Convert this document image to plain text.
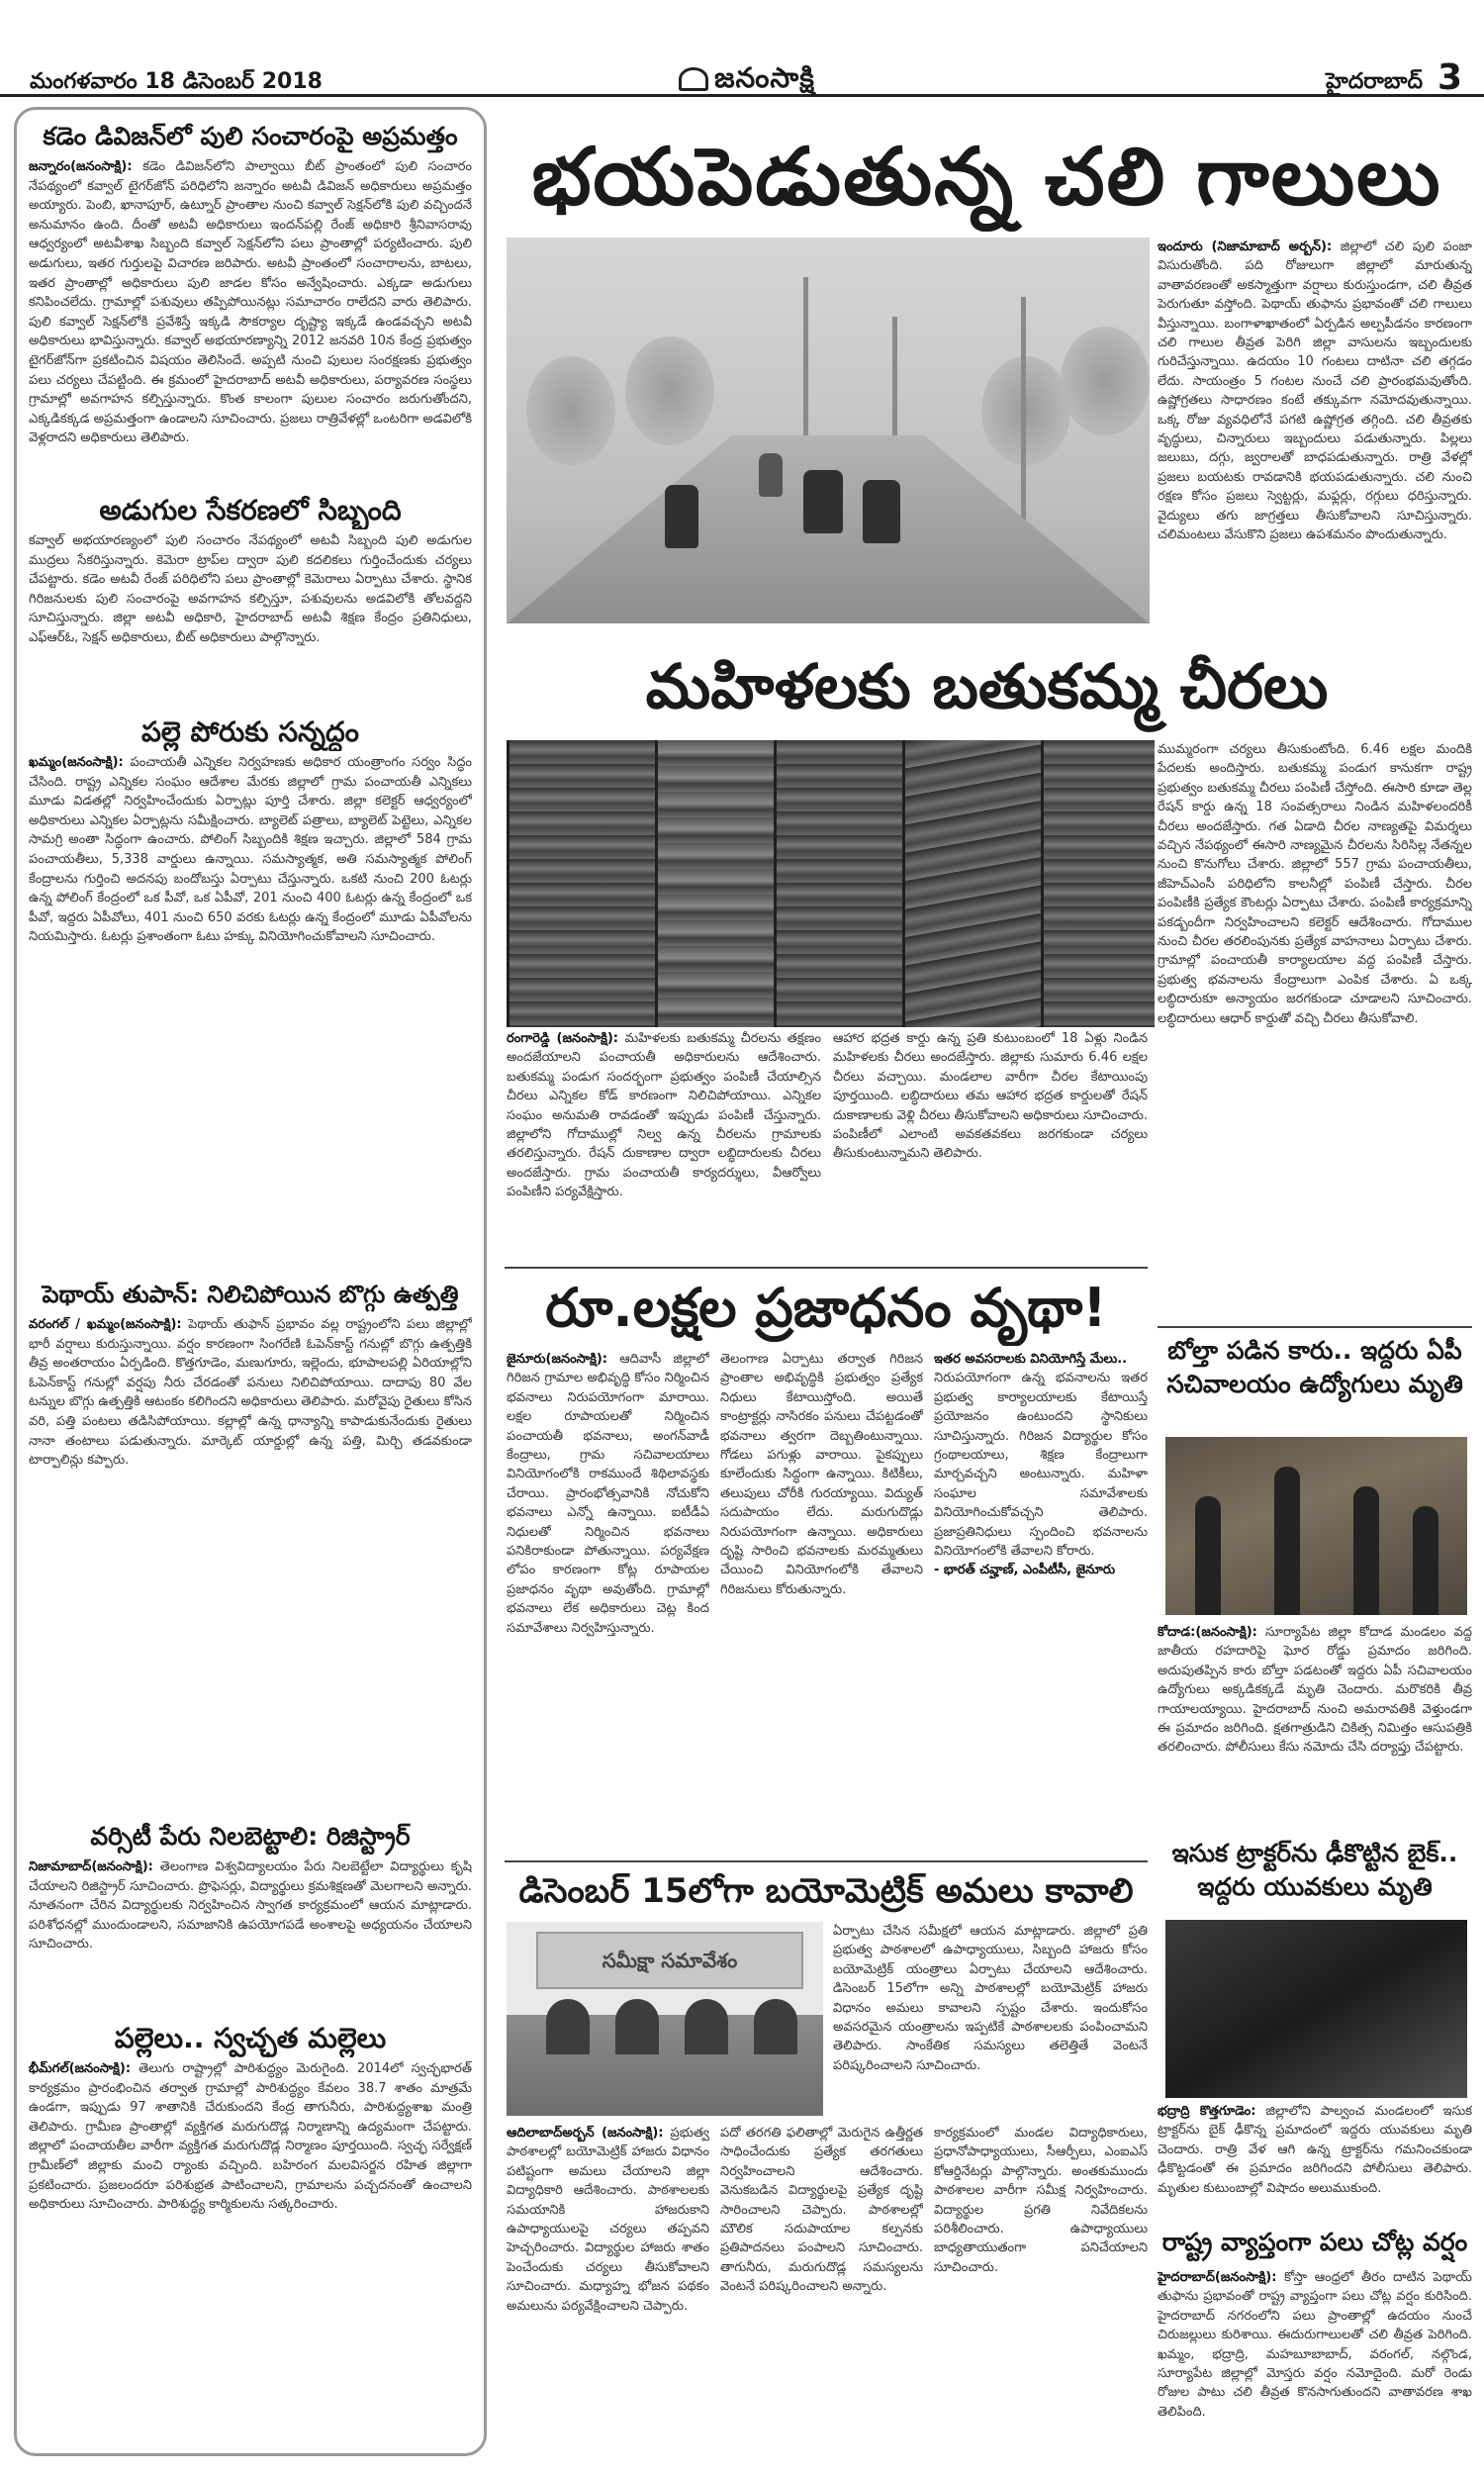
మంగళవారం 18 డిసెంబర్ 2018	జనంసాక్షి	హైదరాబాద్ 3
కడెం డివిజన్‌లో పులి సంచారంపై అప్రమత్తం
జన్నారం(జనంసాక్షి): కడెం డివిజన్‌లోని పాల్వాయి బీట్ ప్రాంతంలో పులి సంచారం నేపథ్యంలో కవ్వాల్ టైగర్‌జోన్ పరిధిలోని జన్నారం అటవీ డివిజన్ అధికారులు అప్రమత్తం అయ్యారు. పెంబి, ఖానాపూర్, ఉట్నూర్ ప్రాంతాల నుంచి కవ్వాల్ సెక్షన్‌లోకి పులి వచ్చిందనే అనుమానం ఉంది. దీంతో అటవీ అధికారులు ఇందన్‌పల్లి రేంజ్ అధికారి శ్రీనివాసరావు ఆధ్వర్యంలో అటవీశాఖ సిబ్బంది కవ్వాల్ సెక్షన్‌లోని పలు ప్రాంతాల్లో పర్యటించారు. పులి అడుగులు, ఇతర గుర్తులపై విచారణ జరిపారు. అటవీ ప్రాంతంలో సంచారాలను, బాటలు, ఇతర ప్రాంతాల్లో అధికారులు పులి జాడల కోసం అన్వేషించారు. ఎక్కడా అడుగులు కనిపించలేదు. గ్రామాల్లో పశువులు తప్పిపోయినట్లు సమాచారం రాలేదని వారు తెలిపారు. పులి కవ్వాల్ సెక్షన్‌లోకి ప్రవేశిస్తే ఇక్కడి సౌకర్యాల దృష్ట్యా ఇక్కడే ఉండవచ్చని అటవీ అధికారులు భావిస్తున్నారు. కవ్వాల్ అభయారణ్యాన్ని 2012 జనవరి 10న కేంద్ర ప్రభుత్వం టైగర్‌జోన్‌గా ప్రకటించిన విషయం తెలిసిందే. అప్పటి నుంచి పులుల సంరక్షణకు ప్రభుత్వం పలు చర్యలు చేపట్టింది. ఈ క్రమంలో హైదరాబాద్ అటవీ అధికారులు, పర్యావరణ సంస్థలు గ్రామాల్లో అవగాహన కల్పిస్తున్నారు. కొంత కాలంగా పులుల సంచారం జరుగుతోందని, ఎక్కడికక్కడ అప్రమత్తంగా ఉండాలని సూచించారు. ప్రజలు రాత్రివేళల్లో ఒంటరిగా అడవిలోకి వెళ్లరాదని అధికారులు తెలిపారు.
అడుగుల సేకరణలో సిబ్బంది
కవ్వాల్ అభయారణ్యంలో పులి సంచారం నేపథ్యంలో అటవీ సిబ్బంది పులి అడుగుల ముద్రలు సేకరిస్తున్నారు. కెమెరా ట్రాప్‌ల ద్వారా పులి కదలికలు గుర్తించేందుకు చర్యలు చేపట్టారు. కడెం అటవీ రేంజ్ పరిధిలోని పలు ప్రాంతాల్లో కెమెరాలు ఏర్పాటు చేశారు. స్థానిక గిరిజనులకు పులి సంచారంపై అవగాహన కల్పిస్తూ, పశువులను అడవిలోకి తోలవద్దని సూచిస్తున్నారు. జిల్లా అటవీ అధికారి, హైదరాబాద్ అటవీ శిక్షణ కేంద్రం ప్రతినిధులు, ఎఫ్‌ఆర్‌ఓ, సెక్షన్ అధికారులు, బీట్ అధికారులు పాల్గొన్నారు.
పల్లె పోరుకు సన్నద్ధం
ఖమ్మం(జనంసాక్షి): పంచాయతీ ఎన్నికల నిర్వహణకు అధికార యంత్రాంగం సర్వం సిద్ధం చేసింది. రాష్ట్ర ఎన్నికల సంఘం ఆదేశాల మేరకు జిల్లాలో గ్రామ పంచాయతీ ఎన్నికలు మూడు విడతల్లో నిర్వహించేందుకు ఏర్పాట్లు పూర్తి చేశారు. జిల్లా కలెక్టర్ ఆధ్వర్యంలో అధికారులు ఎన్నికల ఏర్పాట్లను సమీక్షించారు. బ్యాలెట్ పత్రాలు, బ్యాలెట్ పెట్టెలు, ఎన్నికల సామగ్రి అంతా సిద్ధంగా ఉంచారు. పోలింగ్ సిబ్బందికి శిక్షణ ఇచ్చారు. జిల్లాలో 584 గ్రామ పంచాయతీలు, 5,338 వార్డులు ఉన్నాయి. సమస్యాత్మక, అతి సమస్యాత్మక పోలింగ్ కేంద్రాలను గుర్తించి అదనపు బందోబస్తు ఏర్పాటు చేస్తున్నారు. ఒకటి నుంచి 200 ఓటర్లు ఉన్న పోలింగ్ కేంద్రంలో ఒక పీవో, ఒక ఏపీవో, 201 నుంచి 400 ఓటర్లు ఉన్న కేంద్రంలో ఒక పీవో, ఇద్దరు ఏపీవోలు, 401 నుంచి 650 వరకు ఓటర్లు ఉన్న కేంద్రంలో మూడు ఏపీవోలను నియమిస్తారు. ఓటర్లు ప్రశాంతంగా ఓటు హక్కు వినియోగించుకోవాలని సూచించారు.
పెథాయ్ తుపాన్: నిలిచిపోయిన బొగ్గు ఉత్పత్తి
వరంగల్ / ఖమ్మం(జనంసాక్షి): పెథాయ్ తుఫాన్ ప్రభావం వల్ల రాష్ట్రంలోని పలు జిల్లాల్లో భారీ వర్షాలు కురుస్తున్నాయి. వర్షం కారణంగా సింగరేణి ఓపెన్‌కాస్ట్ గనుల్లో బొగ్గు ఉత్పత్తికి తీవ్ర అంతరాయం ఏర్పడింది. కొత్తగూడెం, మణుగూరు, ఇల్లెందు, భూపాలపల్లి ఏరియాల్లోని ఓపెన్‌కాస్ట్ గనుల్లో వర్షపు నీరు చేరడంతో పనులు నిలిచిపోయాయి. దాదాపు 80 వేల టన్నుల బొగ్గు ఉత్పత్తికి ఆటంకం కలిగిందని అధికారులు తెలిపారు. మరోవైపు రైతులు కోసిన వరి, పత్తి పంటలు తడిసిపోయాయి. కల్లాల్లో ఉన్న ధాన్యాన్ని కాపాడుకునేందుకు రైతులు నానా తంటాలు పడుతున్నారు. మార్కెట్ యార్డుల్లో ఉన్న పత్తి, మిర్చి తడవకుండా టార్పాలిన్లు కప్పారు.
వర్సిటీ పేరు నిలబెట్టాలి: రిజిస్ట్రార్
నిజామాబాద్(జనంసాక్షి): తెలంగాణ విశ్వవిద్యాలయం పేరు నిలబెట్టేలా విద్యార్థులు కృషి చేయాలని రిజిస్ట్రార్ సూచించారు. ప్రొఫెసర్లు, విద్యార్థులు క్రమశిక్షణతో మెలగాలని అన్నారు. నూతనంగా చేరిన విద్యార్థులకు నిర్వహించిన స్వాగత కార్యక్రమంలో ఆయన మాట్లాడారు. పరిశోధనల్లో ముందుండాలని, సమాజానికి ఉపయోగపడే అంశాలపై అధ్యయనం చేయాలని సూచించారు.
పల్లెలు.. స్వచ్ఛత మల్లెలు
భీమ్‌గల్(జనంసాక్షి): తెలుగు రాష్ట్రాల్లో పారిశుద్ధ్యం మెరుగైంది. 2014లో స్వచ్ఛభారత్ కార్యక్రమం ప్రారంభించిన తర్వాత గ్రామాల్లో పారిశుద్ధ్యం కేవలం 38.7 శాతం మాత్రమే ఉండగా, ఇప్పుడు 97 శాతానికి చేరుకుందని కేంద్ర తాగునీరు, పారిశుద్ధ్యశాఖ మంత్రి తెలిపారు. గ్రామీణ ప్రాంతాల్లో వ్యక్తిగత మరుగుదొడ్ల నిర్మాణాన్ని ఉద్యమంగా చేపట్టారు. జిల్లాలో పంచాయతీల వారీగా వ్యక్తిగత మరుగుదొడ్ల నిర్మాణం పూర్తయింది. స్వచ్ఛ సర్వేక్షణ్ గ్రామీణ్‌లో జిల్లాకు మంచి ర్యాంకు వచ్చింది. బహిరంగ మలవిసర్జన రహిత జిల్లాగా ప్రకటించారు. ప్రజలందరూ పరిశుభ్రత పాటించాలని, గ్రామాలను పచ్చదనంతో ఉంచాలని అధికారులు సూచించారు. పారిశుద్ధ్య కార్మికులను సత్కరించారు.
భయపెడుతున్న చలి గాలులు
ఇందూరు (నిజామాబాద్ అర్బన్): జిల్లాలో చలి పులి పంజా విసురుతోంది. పది రోజులుగా జిల్లాలో మారుతున్న వాతావరణంతో అకస్మాత్తుగా వర్షాలు కురుస్తుండగా, చలి తీవ్రత పెరుగుతూ వస్తోంది. పెథాయ్ తుఫాను ప్రభావంతో చలి గాలులు వీస్తున్నాయి. బంగాళాఖాతంలో ఏర్పడిన అల్పపీడనం కారణంగా చలి గాలుల తీవ్రత పెరిగి జిల్లా వాసులను ఇబ్బందులకు గురిచేస్తున్నాయి. ఉదయం 10 గంటలు దాటినా చలి తగ్గడం లేదు. సాయంత్రం 5 గంటల నుంచే చలి ప్రారంభమవుతోంది. ఉష్ణోగ్రతలు సాధారణం కంటే తక్కువగా నమోదవుతున్నాయి. ఒక్క రోజు వ్యవధిలోనే పగటి ఉష్ణోగ్రత తగ్గింది. చలి తీవ్రతకు వృద్ధులు, చిన్నారులు ఇబ్బందులు పడుతున్నారు. పిల్లలు జలుబు, దగ్గు, జ్వరాలతో బాధపడుతున్నారు. రాత్రి వేళల్లో ప్రజలు బయటకు రావడానికి భయపడుతున్నారు. చలి నుంచి రక్షణ కోసం ప్రజలు స్వెట్టర్లు, మఫ్లర్లు, రగ్గులు ధరిస్తున్నారు. వైద్యులు తగు జాగ్రత్తలు తీసుకోవాలని సూచిస్తున్నారు. చలిమంటలు వేసుకొని ప్రజలు ఉపశమనం పొందుతున్నారు.
మహిళలకు బతుకమ్మ చీరలు
రంగారెడ్డి (జనంసాక్షి): మహిళలకు బతుకమ్మ చీరలను తక్షణం అందజేయాలని పంచాయతీ అధికారులను ఆదేశించారు. బతుకమ్మ పండుగ సందర్భంగా ప్రభుత్వం పంపిణీ చేయాల్సిన చీరలు ఎన్నికల కోడ్ కారణంగా నిలిచిపోయాయి. ఎన్నికల సంఘం అనుమతి రావడంతో ఇప్పుడు పంపిణీ చేస్తున్నారు. జిల్లాలోని గోదాముల్లో నిల్వ ఉన్న చీరలను గ్రామాలకు తరలిస్తున్నారు. రేషన్ దుకాణాల ద్వారా లబ్ధిదారులకు చీరలు అందజేస్తారు. గ్రామ పంచాయతీ కార్యదర్శులు, వీఆర్వోలు పంపిణీని పర్యవేక్షిస్తారు.
ఆహార భద్రత కార్డు ఉన్న ప్రతి కుటుంబంలో 18 ఏళ్లు నిండిన మహిళలకు చీరలు అందజేస్తారు. జిల్లాకు సుమారు 6.46 లక్షల చీరలు వచ్చాయి. మండలాల వారీగా చీరల కేటాయింపు పూర్తయింది. లబ్ధిదారులు తమ ఆహార భద్రత కార్డులతో రేషన్ దుకాణాలకు వెళ్లి చీరలు తీసుకోవాలని అధికారులు సూచించారు. పంపిణీలో ఎలాంటి అవకతవకలు జరగకుండా చర్యలు తీసుకుంటున్నామని తెలిపారు.
ముమ్మరంగా చర్యలు తీసుకుంటోంది. 6.46 లక్షల మందికి పేదలకు అందిస్తారు. బతుకమ్మ పండుగ కానుకగా రాష్ట్ర ప్రభుత్వం బతుకమ్మ చీరలు పంపిణీ చేస్తోంది. ఈసారి కూడా తెల్ల రేషన్ కార్డు ఉన్న 18 సంవత్సరాలు నిండిన మహిళలందరికీ చీరలు అందజేస్తారు. గత ఏడాది చీరల నాణ్యతపై విమర్శలు వచ్చిన నేపథ్యంలో ఈసారి నాణ్యమైన చీరలను సిరిసిల్ల నేతన్నల నుంచి కొనుగోలు చేశారు. జిల్లాలో 557 గ్రామ పంచాయతీలు, జీహెచ్ఎంసీ పరిధిలోని కాలనీల్లో పంపిణీ చేస్తారు. చీరల పంపిణీకి ప్రత్యేక కౌంటర్లు ఏర్పాటు చేశారు. పంపిణీ కార్యక్రమాన్ని పకడ్బందీగా నిర్వహించాలని కలెక్టర్ ఆదేశించారు. గోదాముల నుంచి చీరల తరలింపునకు ప్రత్యేక వాహనాలు ఏర్పాటు చేశారు. గ్రామాల్లో పంచాయతీ కార్యాలయాల వద్ద పంపిణీ చేస్తారు. ప్రభుత్వ భవనాలను కేంద్రాలుగా ఎంపిక చేశారు. ఏ ఒక్క లబ్ధిదారుకూ అన్యాయం జరగకుండా చూడాలని సూచించారు. లబ్ధిదారులు ఆధార్ కార్డుతో వచ్చి చీరలు తీసుకోవాలి.
బోల్తా పడిన కారు.. ఇద్దరు ఏపీ సచివాలయం ఉద్యోగులు మృతి
కోదాడ:(జనంసాక్షి): సూర్యాపేట జిల్లా కోదాడ మండలం వద్ద జాతీయ రహదారిపై ఘోర రోడ్డు ప్రమాదం జరిగింది. అదుపుతప్పిన కారు బోల్తా పడటంతో ఇద్దరు ఏపీ సచివాలయం ఉద్యోగులు అక్కడికక్కడే మృతి చెందారు. మరొకరికి తీవ్ర గాయాలయ్యాయి. హైదరాబాద్ నుంచి అమరావతికి వెళ్తుండగా ఈ ప్రమాదం జరిగింది. క్షతగాత్రుడిని చికిత్స నిమిత్తం ఆసుపత్రికి తరలించారు. పోలీసులు కేసు నమోదు చేసి దర్యాప్తు చేపట్టారు.
ఇసుక ట్రాక్టర్‌ను ఢీకొట్టిన బైక్.. ఇద్దరు యువకులు మృతి
భద్రాద్రి కొత్తగూడెం: జిల్లాలోని పాల్వంచ మండలంలో ఇసుక ట్రాక్టర్‌ను బైక్ ఢీకొన్న ప్రమాదంలో ఇద్దరు యువకులు మృతి చెందారు. రాత్రి వేళ ఆగి ఉన్న ట్రాక్టర్‌ను గమనించకుండా ఢీకొట్టడంతో ఈ ప్రమాదం జరిగిందని పోలీసులు తెలిపారు. మృతుల కుటుంబాల్లో విషాదం అలుముకుంది.
రాష్ట్ర వ్యాప్తంగా పలు చోట్ల వర్షం
హైదరాబాద్(జనంసాక్షి): కోస్తా ఆంధ్రలో తీరం దాటిన పెథాయ్ తుఫాను ప్రభావంతో రాష్ట్ర వ్యాప్తంగా పలు చోట్ల వర్షం కురిసింది. హైదరాబాద్ నగరంలోని పలు ప్రాంతాల్లో ఉదయం నుంచే చిరుజల్లులు కురిశాయి. ఈదురుగాలులతో చలి తీవ్రత పెరిగింది. ఖమ్మం, భద్రాద్రి, మహబూబాబాద్, వరంగల్, నల్గొండ, సూర్యాపేట జిల్లాల్లో మోస్తరు వర్షం నమోదైంది. మరో రెండు రోజుల పాటు చలి తీవ్రత కొనసాగుతుందని వాతావరణ శాఖ తెలిపింది.
రూ.లక్షల ప్రజాధనం వృథా!
జైనూరు(జనంసాక్షి): ఆదివాసీ జిల్లాలో గిరిజన గ్రామాల అభివృద్ధి కోసం నిర్మించిన భవనాలు నిరుపయోగంగా మారాయి. లక్షల రూపాయలతో నిర్మించిన పంచాయతీ భవనాలు, అంగన్‌వాడీ కేంద్రాలు, గ్రామ సచివాలయాలు వినియోగంలోకి రాకముందే శిథిలావస్థకు చేరాయి. ప్రారంభోత్సవానికి నోచుకోని భవనాలు ఎన్నో ఉన్నాయి. ఐటీడీఏ నిధులతో నిర్మించిన భవనాలు పనికిరాకుండా పోతున్నాయి. పర్యవేక్షణ లోపం కారణంగా కోట్ల రూపాయల ప్రజాధనం వృథా అవుతోంది. గ్రామాల్లో భవనాలు లేక అధికారులు చెట్ల కింద సమావేశాలు నిర్వహిస్తున్నారు.
తెలంగాణ ఏర్పాటు తర్వాత గిరిజన ప్రాంతాల అభివృద్ధికి ప్రభుత్వం ప్రత్యేక నిధులు కేటాయిస్తోంది. అయితే కాంట్రాక్టర్లు నాసిరకం పనులు చేపట్టడంతో భవనాలు త్వరగా దెబ్బతింటున్నాయి. గోడలు పగుళ్లు వారాయి. పైకప్పులు కూలేందుకు సిద్ధంగా ఉన్నాయి. కిటికీలు, తలుపులు చోరీకి గురయ్యాయి. విద్యుత్ సదుపాయం లేదు. మరుగుదొడ్లు నిరుపయోగంగా ఉన్నాయి. అధికారులు దృష్టి సారించి భవనాలకు మరమ్మతులు చేయించి వినియోగంలోకి తేవాలని గిరిజనులు కోరుతున్నారు.
ఇతర అవసరాలకు వినియోగిస్తే మేలు..
నిరుపయోగంగా ఉన్న భవనాలను ఇతర ప్రభుత్వ కార్యాలయాలకు కేటాయిస్తే ప్రయోజనం ఉంటుందని స్థానికులు సూచిస్తున్నారు. గిరిజన విద్యార్థుల కోసం గ్రంథాలయాలు, శిక్షణ కేంద్రాలుగా మార్చవచ్చని అంటున్నారు. మహిళా సంఘాల సమావేశాలకు వినియోగించుకోవచ్చని తెలిపారు. ప్రజాప్రతినిధులు స్పందించి భవనాలను వినియోగంలోకి తేవాలని కోరారు.
- భారత్ చవ్హాణ్, ఎంపీటీసీ, జైనూరు
డిసెంబర్ 15లోగా బయోమెట్రిక్ అమలు కావాలి
సమీక్షా సమావేశం
ఏర్పాటు చేసిన సమీక్షలో ఆయన మాట్లాడారు. జిల్లాలో ప్రతి ప్రభుత్వ పాఠశాలలో ఉపాధ్యాయులు, సిబ్బంది హాజరు కోసం బయోమెట్రిక్ యంత్రాలు ఏర్పాటు చేయాలని ఆదేశించారు. డిసెంబర్ 15లోగా అన్ని పాఠశాలల్లో బయోమెట్రిక్ హాజరు విధానం అమలు కావాలని స్పష్టం చేశారు. ఇందుకోసం అవసరమైన యంత్రాలను ఇప్పటికే పాఠశాలలకు పంపించామని తెలిపారు. సాంకేతిక సమస్యలు తలెత్తితే వెంటనే పరిష్కరించాలని సూచించారు.
ఆదిలాబాద్‌అర్బన్ (జనంసాక్షి): ప్రభుత్వ పాఠశాలల్లో బయోమెట్రిక్ హాజరు విధానం పటిష్టంగా అమలు చేయాలని జిల్లా విద్యాధికారి ఆదేశించారు. పాఠశాలలకు సమయానికి హాజరుకాని ఉపాధ్యాయులపై చర్యలు తప్పవని హెచ్చరించారు. విద్యార్థుల హాజరు శాతం పెంచేందుకు చర్యలు తీసుకోవాలని సూచించారు. మధ్యాహ్న భోజన పథకం అమలును పర్యవేక్షించాలని చెప్పారు.
పదో తరగతి ఫలితాల్లో మెరుగైన ఉత్తీర్ణత సాధించేందుకు ప్రత్యేక తరగతులు నిర్వహించాలని ఆదేశించారు. వెనుకబడిన విద్యార్థులపై ప్రత్యేక దృష్టి సారించాలని చెప్పారు. పాఠశాలల్లో మౌలిక సదుపాయాల కల్పనకు ప్రతిపాదనలు పంపాలని సూచించారు. తాగునీరు, మరుగుదొడ్ల సమస్యలను వెంటనే పరిష్కరించాలని అన్నారు.
కార్యక్రమంలో మండల విద్యాధికారులు, ప్రధానోపాధ్యాయులు, సీఆర్పీలు, ఎంఐఎస్ కోఆర్డినేటర్లు పాల్గొన్నారు. అంతకుముందు పాఠశాలల వారీగా సమీక్ష నిర్వహించారు. విద్యార్థుల ప్రగతి నివేదికలను పరిశీలించారు. ఉపాధ్యాయులు బాధ్యతాయుతంగా పనిచేయాలని సూచించారు.
